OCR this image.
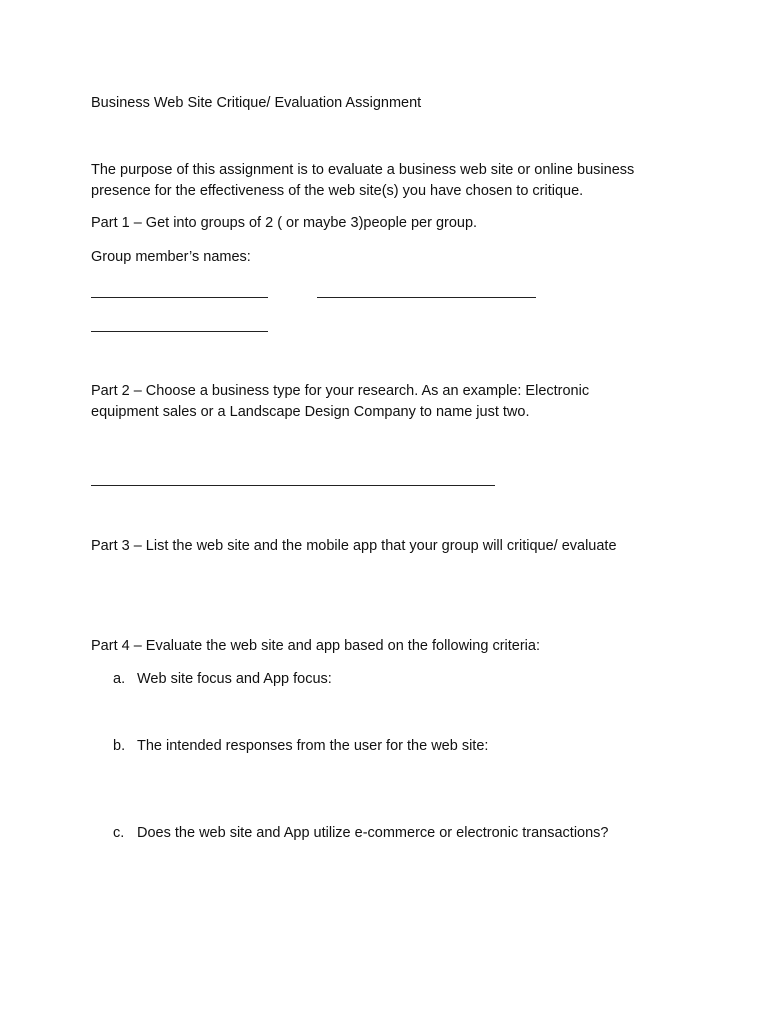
Business Web Site Critique/ Evaluation Assignment
The purpose of this assignment is to evaluate a business web site or online business
presence for the effectiveness of the web site(s) you have chosen to critique.
Part 1 – Get into groups of 2 ( or maybe 3)people per group.
Group member’s names:
Part 2 – Choose a business type for your research. As an example: Electronic
equipment sales or a Landscape Design Company to name just two.
Part 3 – List the web site and the mobile app that your group will critique/ evaluate
Part 4 – Evaluate the web site and app based on the following criteria:
a. Web site focus and App focus:
b. The intended responses from the user for the web site:
c. Does the web site and App utilize e-commerce or electronic transactions?
